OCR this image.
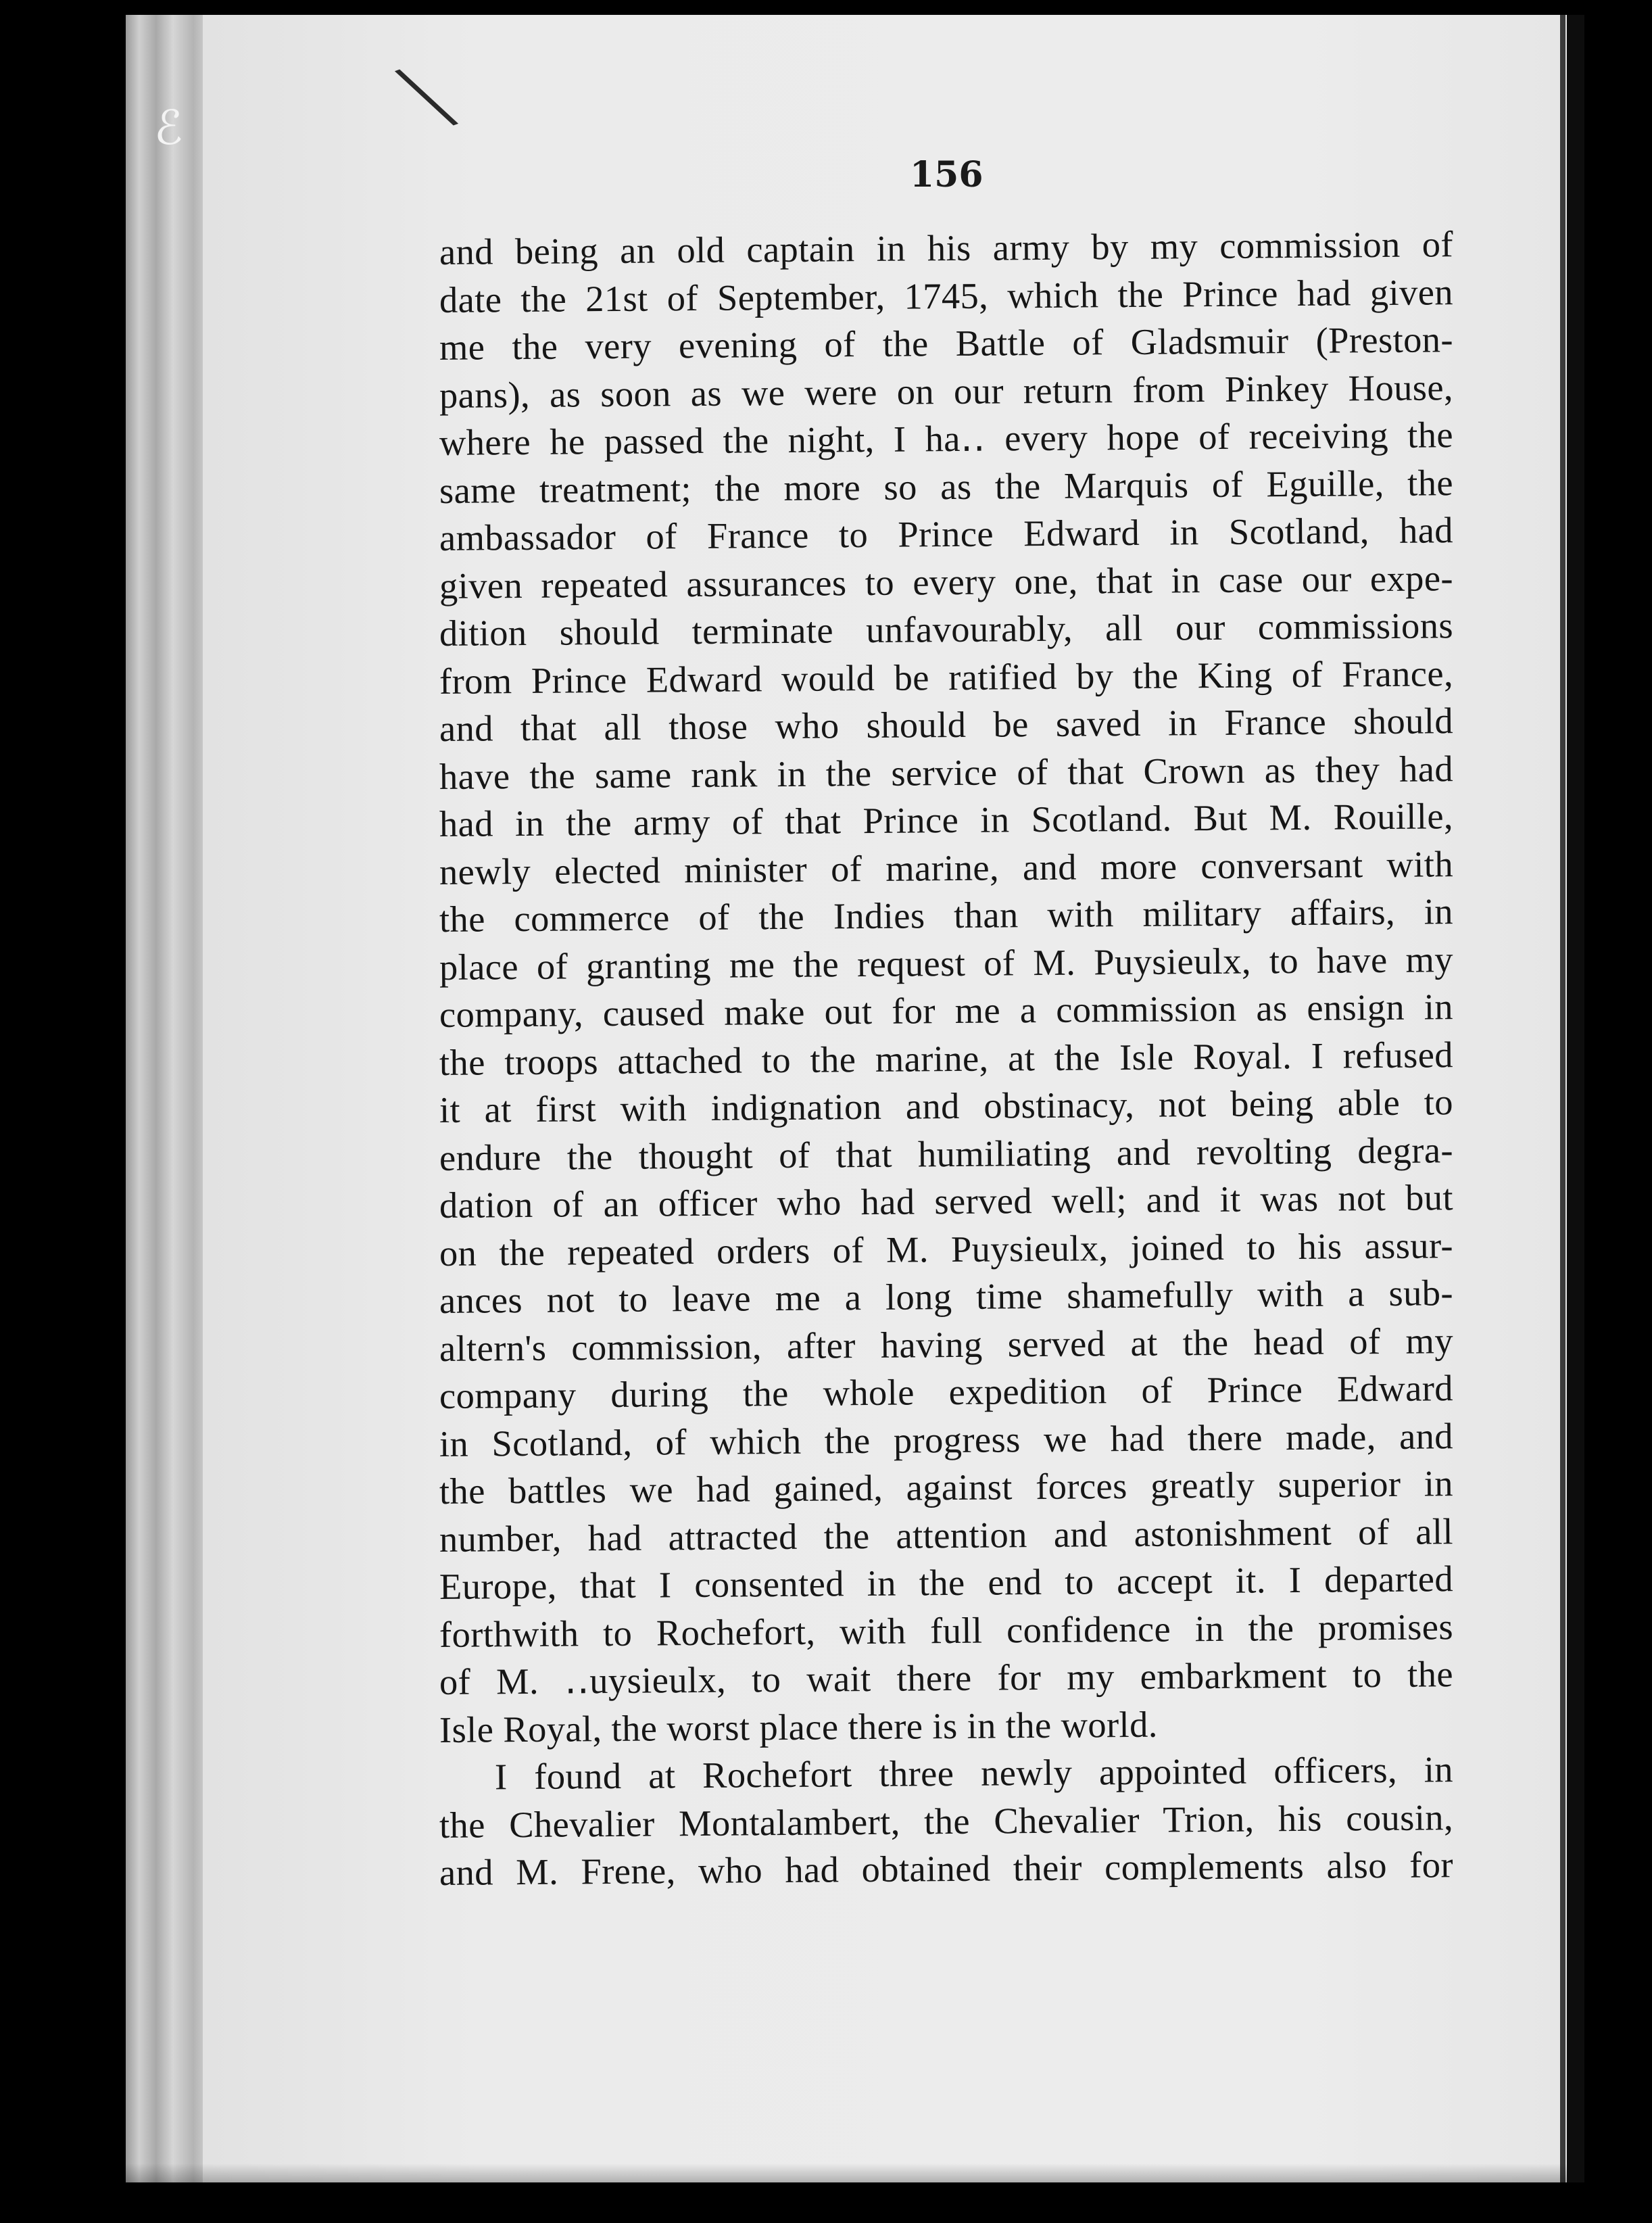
ℰ	╲
156
and being an old captain in his army by my commission of
date the 21st of September, 1745, which the Prince had given
me the very evening of the Battle of Gladsmuir (Preston-
pans), as soon as we were on our return from Pinkey House,
where he passed the night, I ha․․ every hope of receiving the
same treatment; the more so as the Marquis of Eguille, the
ambassador of France to Prince Edward in Scotland, had
given repeated assurances to every one, that in case our expe-
dition should terminate unfavourably, all our commissions
from Prince Edward would be ratified by the King of France,
and that all those who should be saved in France should
have the same rank in the service of that Crown as they had
had in the army of that Prince in Scotland. But M. Rouille,
newly elected minister of marine, and more conversant with
the commerce of the Indies than with military affairs, in
place of granting me the request of M. Puysieulx, to have my
company, caused make out for me a commission as ensign in
the troops attached to the marine, at the Isle Royal. I refused
it at first with indignation and obstinacy, not being able to
endure the thought of that humiliating and revolting degra-
dation of an officer who had served well; and it was not but
on the repeated orders of M. Puysieulx, joined to his assur-
ances not to leave me a long time shamefully with a sub-
altern's commission, after having served at the head of my
company during the whole expedition of Prince Edward
in Scotland, of which the progress we had there made, and
the battles we had gained, against forces greatly superior in
number, had attracted the attention and astonishment of all
Europe, that I consented in the end to accept it. I departed
forthwith to Rochefort, with full confidence in the promises
of M. ․․uysieulx, to wait there for my embarkment to the
Isle Royal, the worst place there is in the world.
I found at Rochefort three newly appointed officers, in
the Chevalier Montalambert, the Chevalier Trion, his cousin,
and M. Frene, who had obtained their complements also for
